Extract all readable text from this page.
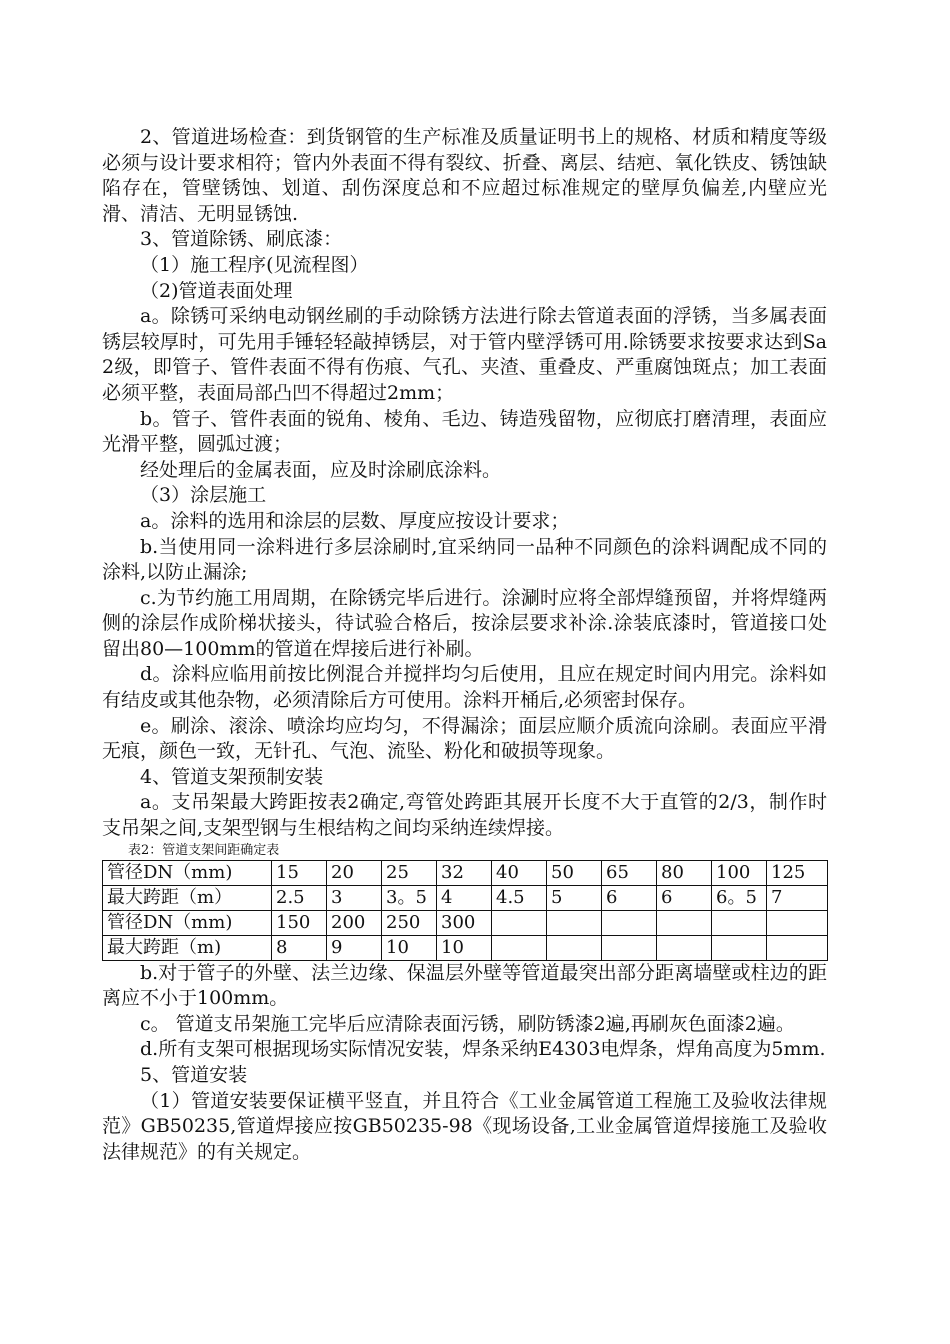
2、管道进场检查：到货钢管的生产标准及质量证明书上的规格、材质和精度等级必须与设计要求相符；管内外表面不得有裂纹、折叠、离层、结疤、氧化铁皮、锈蚀缺陷存在，管壁锈蚀、划道、刮伤深度总和不应超过标准规定的壁厚负偏差,内壁应光滑、清洁、无明显锈蚀.

3、管道除锈、刷底漆：

（1）施工程序(见流程图）

（2)管道表面处理

a。除锈可采纳电动钢丝刷的手动除锈方法进行除去管道表面的浮锈，当多属表面锈层较厚时，可先用手锤轻轻敲掉锈层，对于管内壁浮锈可用.除锈要求按要求达到Sa2级，即管子、管件表面不得有伤痕、气孔、夹渣、重叠皮、严重腐蚀斑点；加工表面必须平整，表面局部凸凹不得超过2mm；

b。管子、管件表面的锐角、棱角、毛边、铸造残留物，应彻底打磨清理，表面应光滑平整，圆弧过渡；

经处理后的金属表面，应及时涂刷底涂料。

（3）涂层施工

a。涂料的选用和涂层的层数、厚度应按设计要求；

b.当使用同一涂料进行多层涂刷时,宜采纳同一品种不同颜色的涂料调配成不同的涂料,以防止漏涂;

c.为节约施工用周期，在除锈完毕后进行。涂涮时应将全部焊缝预留，并将焊缝两侧的涂层作成阶梯状接头，待试验合格后，按涂层要求补涂.涂装底漆时，管道接口处留出80—100mm的管道在焊接后进行补刷。

d。涂料应临用前按比例混合并搅拌均匀后使用，且应在规定时间内用完。涂料如有结皮或其他杂物，必须清除后方可使用。涂料开桶后,必须密封保存。

e。刷涂、滚涂、喷涂均应均匀，不得漏涂；面层应顺介质流向涂刷。表面应平滑无痕，颜色一致，无针孔、气泡、流坠、粉化和破损等现象。

4、管道支架预制安装

a。支吊架最大跨距按表2确定,弯管处跨距其展开长度不大于直管的2/3，制作时支吊架之间,支架型钢与生根结构之间均采纳连续焊接。

表2：管道支架间距确定表

管径DN（mm)	15	20	25	32	40	50	65	80	100	125
最大跨距（m）	2.5	3	3。5	4	4.5	5	6	6	6。5	7
管径DN（mm)	150	200	250	300						
最大跨距（m)	8	9	10	10						

b.对于管子的外壁、法兰边缘、保温层外壁等管道最突出部分距离墙壁或柱边的距离应不小于100mm。

c。 管道支吊架施工完毕后应清除表面污锈，刷防锈漆2遍,再刷灰色面漆2遍。

d.所有支架可根据现场实际情况安装，焊条采纳E4303电焊条，焊角高度为5mm.

5、管道安装

（1）管道安装要保证横平竖直，并且符合《工业金属管道工程施工及验收法律规范》GB50235,管道焊接应按GB50235-98《现场设备,工业金属管道焊接施工及验收法律规范》的有关规定。
